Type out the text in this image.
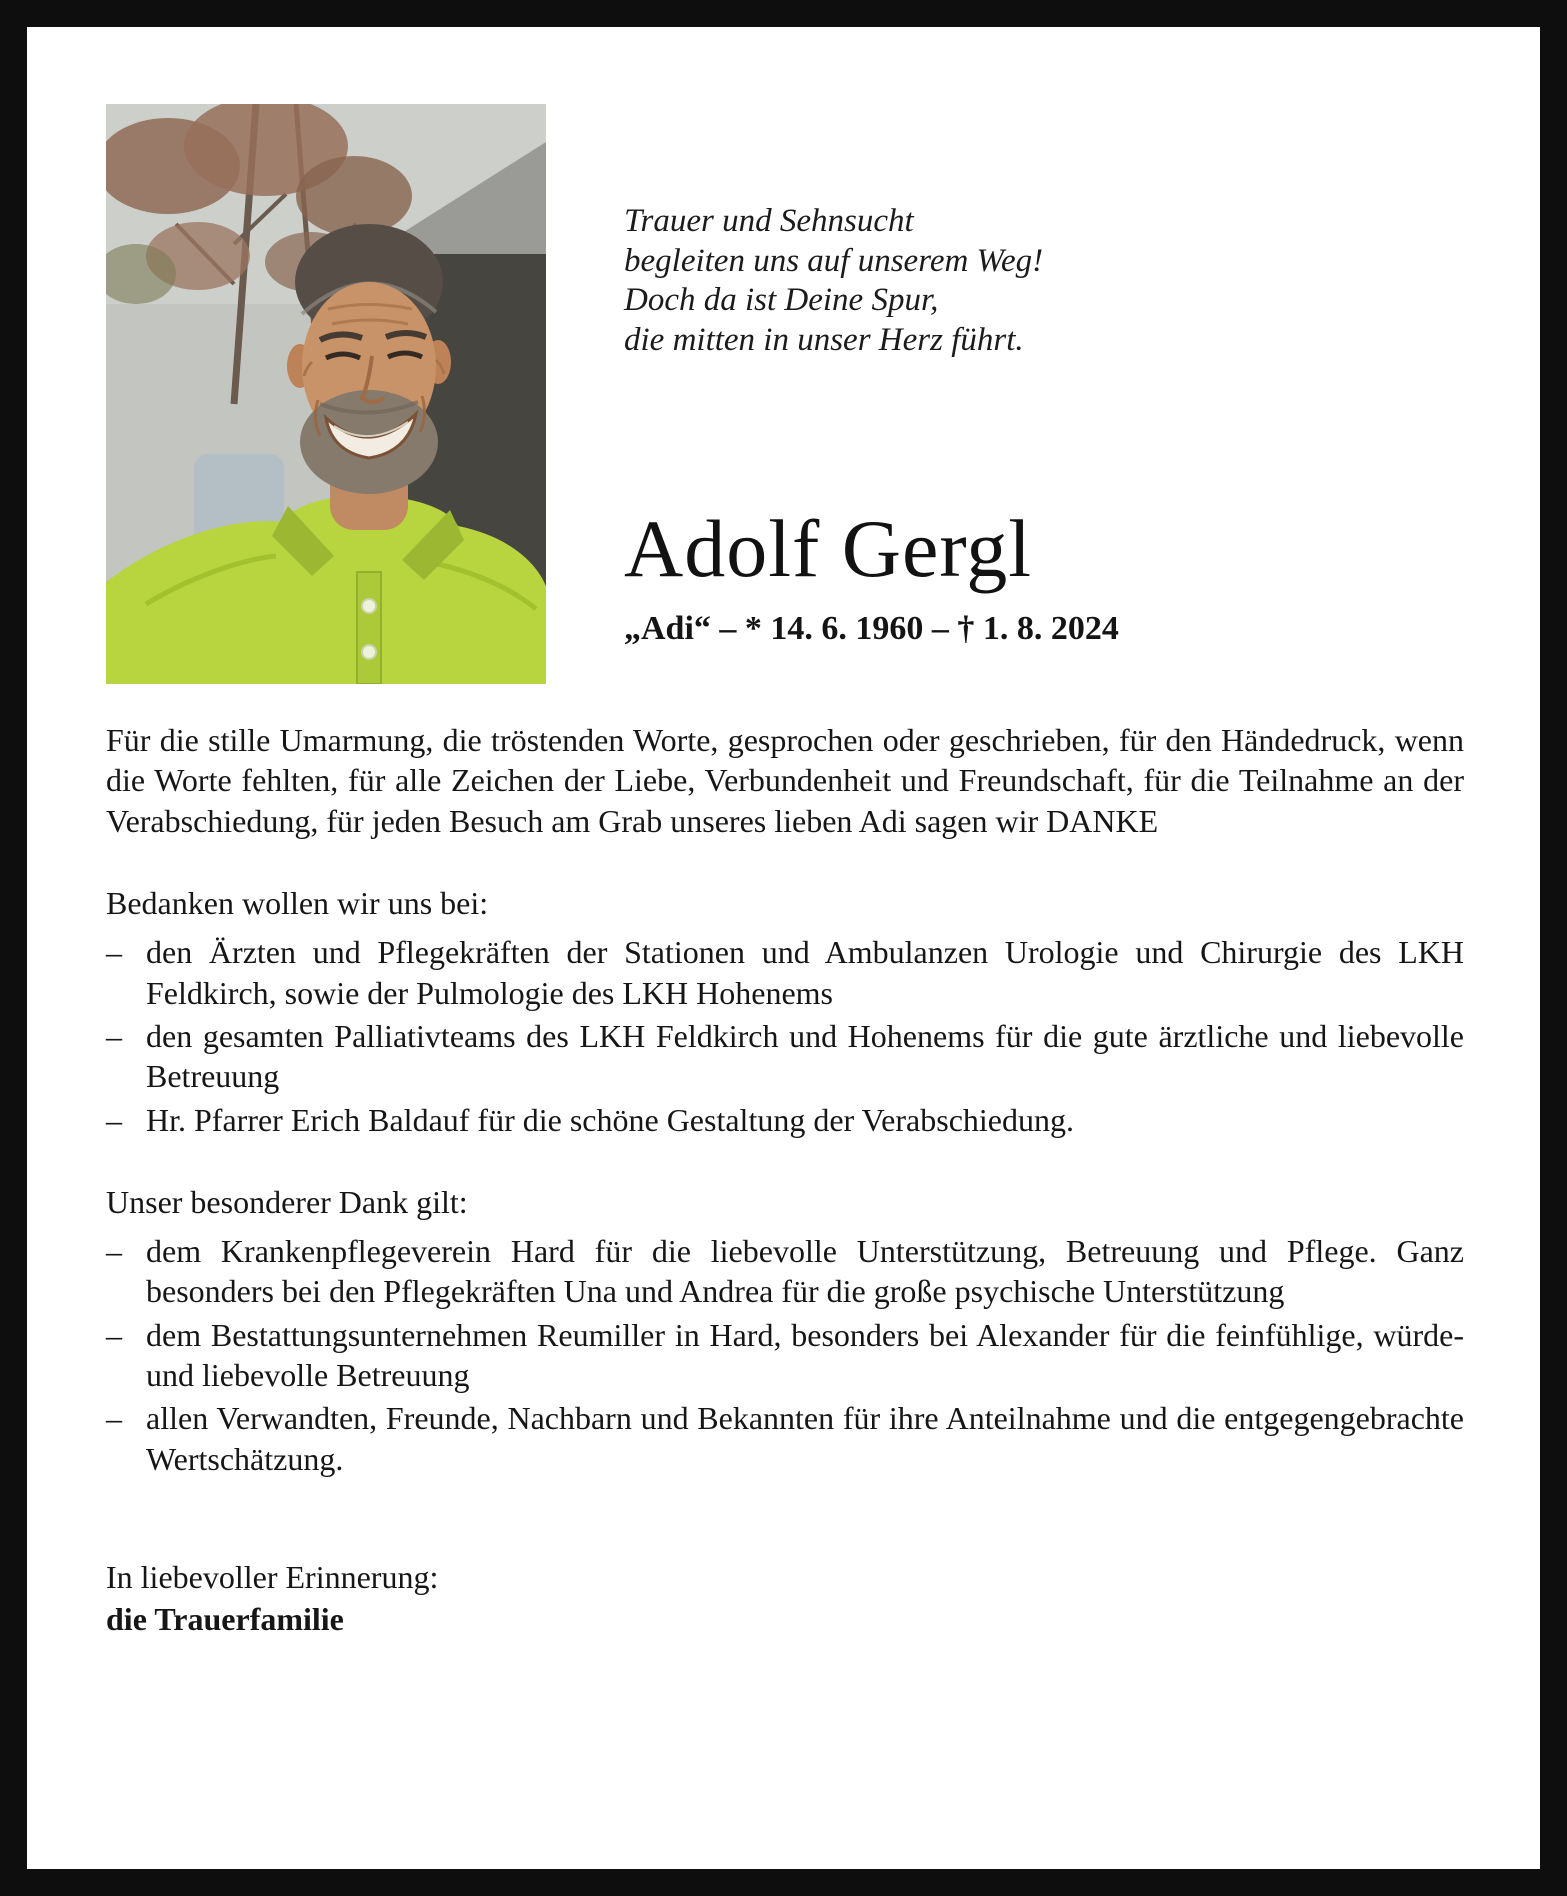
Trauer und Sehnsucht
begleiten uns auf unserem Weg!
Doch da ist Deine Spur,
die mitten in unser Herz führt.
Adolf Gergl
„Adi“ – * 14. 6. 1960 – † 1. 8. 2024

Für die stille Umarmung, die tröstenden Worte, gesprochen oder geschrieben, für den Händedruck, wenn die Worte fehlten, für alle Zeichen der Liebe, Verbundenheit und Freundschaft, für die Teilnahme an der Verabschiedung, für jeden Besuch am Grab unseres lieben Adi sagen wir DANKE

Bedanken wollen wir uns bei:

– den Ärzten und Pflegekräften der Stationen und Ambulanzen Urologie und Chirurgie des LKH Feldkirch, sowie der Pulmologie des LKH Hohenems
– den gesamten Palliativteams des LKH Feldkirch und Hohenems für die gute ärztliche und liebevolle Betreuung
– Hr. Pfarrer Erich Baldauf für die schöne Gestaltung der Verabschiedung.

Unser besonderer Dank gilt:

– dem Krankenpflegeverein Hard für die liebevolle Unterstützung, Betreuung und Pflege. Ganz besonders bei den Pflegekräften Una und Andrea für die große psychische Unterstützung
– dem Bestattungsunternehmen Reumiller in Hard, besonders bei Alexander für die feinfühlige, würde- und liebevolle Betreuung
– allen Verwandten, Freunde, Nachbarn und Bekannten für ihre Anteilnahme und die entgegengebrachte Wertschätzung.
In liebevoller Erinnerung:
die Trauerfamilie
